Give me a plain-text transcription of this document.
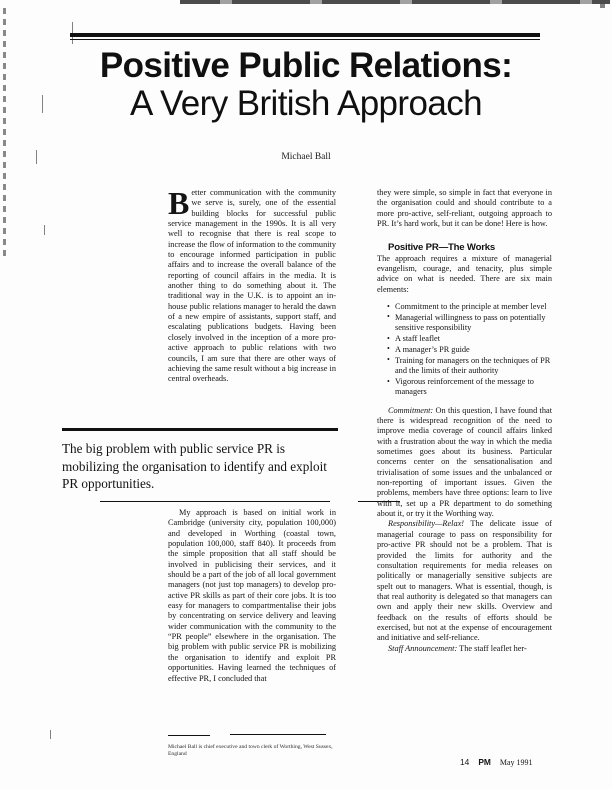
Positive Public Relations:
A Very British Approach
Michael Ball

Better communication with the community we serve is, surely, one of the essential building blocks for successful public service management in the 1990s. It is all very well to recognise that there is real scope to increase the flow of information to the community to encourage informed participation in public affairs and to increase the overall balance of the reporting of council affairs in the media. It is another thing to do something about it. The traditional way in the U.K. is to appoint an in-house public relations manager to herald the dawn of a new empire of assistants, support staff, and escalating publications budgets. Having been closely involved in the inception of a more pro-active approach to public relations with two councils, I am sure that there are other ways of achieving the same result without a big increase in central overheads.

My approach is based on initial work in Cambridge (university city, population 100,000) and developed in Worthing (coastal town, population 100,000, staff 840). It proceeds from the simple proposition that all staff should be involved in publicising their services, and it should be a part of the job of all local government managers (not just top managers) to develop pro-active PR skills as part of their core jobs. It is too easy for managers to compartmentalise their jobs by concentrating on service delivery and leaving wider communication with the community to the “PR people” elsewhere in the organisation. The big problem with public service PR is mobilizing the organisation to identify and exploit PR opportunities. Having learned the techniques of effective PR, I concluded that

The big problem with public service PR is mobilizing the organisation to identify and exploit PR opportunities.
Michael Ball is chief executive and town clerk of Worthing, West Sussex, England

they were simple, so simple in fact that everyone in the organisation could and should contribute to a more pro-active, self-reliant, outgoing approach to PR. It’s hard work, but it can be done! Here is how.

Positive PR—The Works

The approach requires a mixture of managerial evangelism, courage, and tenacity, plus simple advice on what is needed. There are six main elements:

• Commitment to the principle at member level
• Managerial willingness to pass on potentially sensitive responsibility
• A staff leaflet
• A manager’s PR guide
• Training for managers on the techniques of PR and the limits of their authority
• Vigorous reinforcement of the message to managers

Commitment: On this question, I have found that there is widespread recognition of the need to improve media coverage of council affairs linked with a frustration about the way in which the media sometimes goes about its business. Particular concerns center on the sensationalisation and trivialisation of some issues and the unbalanced or non-reporting of important issues. Given the problems, members have three options: learn to live with it, set up a PR department to do something about it, or try it the Worthing way.

Responsibility—Relax! The delicate issue of managerial courage to pass on responsibility for pro-active PR should not be a problem. That is provided the limits for authority and the consultation requirements for media releases on politically or managerially sensitive subjects are spelt out to managers. What is essential, though, is that real authority is delegated so that managers can own and apply their new skills. Overview and feedback on the results of efforts should be exercised, but not at the expense of encouragement and initiative and self-reliance.

Staff Announcement: The staff leaflet her-

14 PM May 1991
